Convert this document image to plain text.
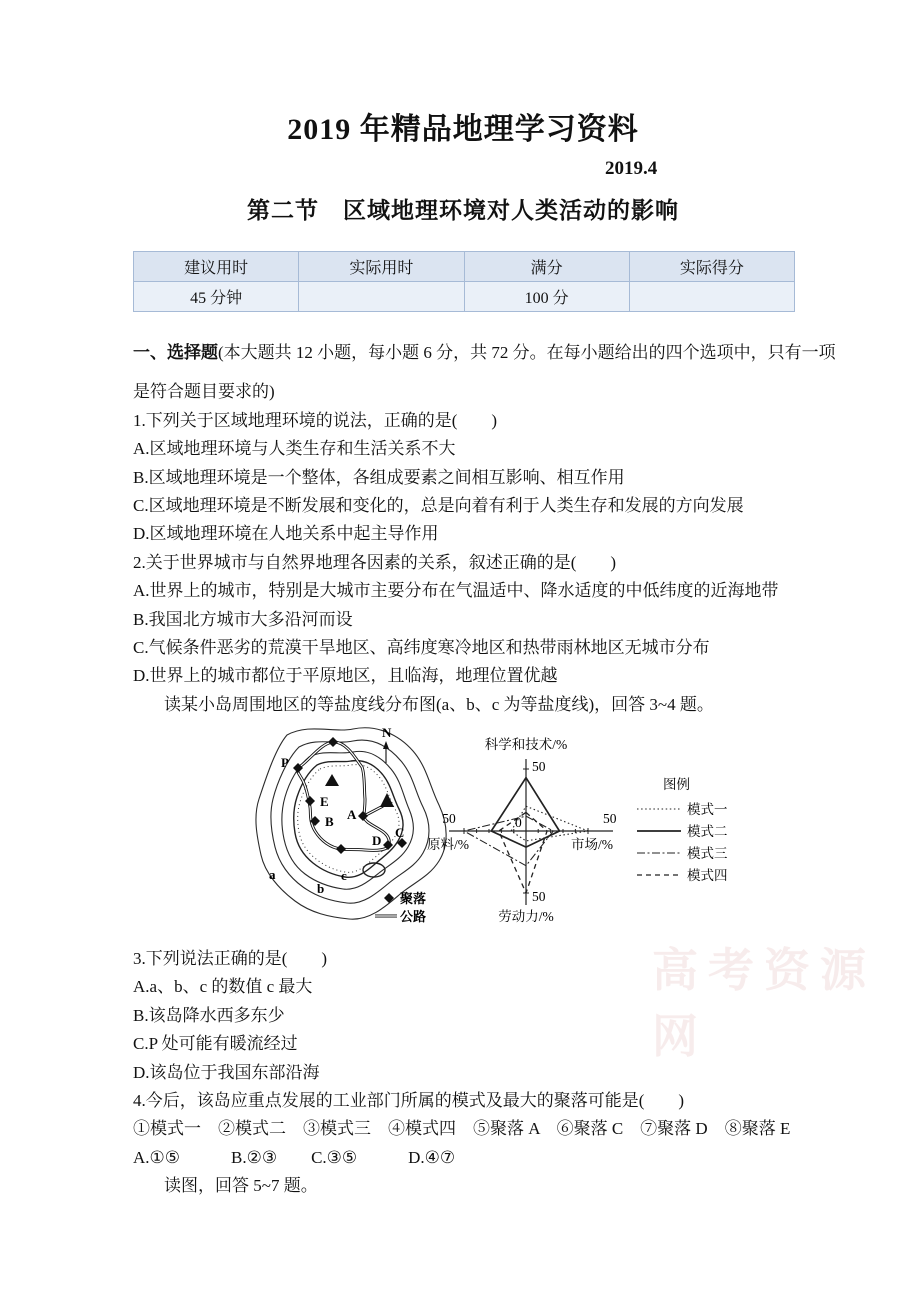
2019 年精品地理学习资料
2019.4
第二节　区域地理环境对人类活动的影响
建议用时	实际用时	满分	实际得分
45 分钟		100 分	
一、选择题(本大题共 12 小题，每小题 6 分，共 72 分。在每小题给出的四个选项中，只有一项
是符合题目要求的)
1.下列关于区域地理环境的说法，正确的是(　　)
A.区域地理环境与人类生存和生活关系不大
B.区域地理环境是一个整体，各组成要素之间相互影响、相互作用
C.区域地理环境是不断发展和变化的，总是向着有利于人类生存和发展的方向发展
D.区域地理环境在人地关系中起主导作用
2.关于世界城市与自然界地理各因素的关系，叙述正确的是(　　)
A.世界上的城市，特别是大城市主要分布在气温适中、降水适度的中低纬度的近海地带
B.我国北方城市大多沿河而设
C.气候条件恶劣的荒漠干旱地区、高纬度寒冷地区和热带雨林地区无城市分布
D.世界上的城市都位于平原地区，且临海，地理位置优越
读某小岛周围地区的等盐度线分布图(a、b、c 为等盐度线)，回答 3~4 题。
P
E
B A
D
C
a
b
c
N
聚落
公路
科学和技术/%
50
50
市场/%
50
劳动力/%
50
原料/%
0
图例
模式一
模式二
模式三
模式四
3.下列说法正确的是(　　)
A.a、b、c 的数值 c 最大
B.该岛降水西多东少
C.P 处可能有暖流经过
D.该岛位于我国东部沿海
4.今后，该岛应重点发展的工业部门所属的模式及最大的聚落可能是(　　)
①模式一　②模式二　③模式三　④模式四　⑤聚落 A　⑥聚落 C　⑦聚落 D　⑧聚落 E
A.①⑤　　　B.②③　　C.③⑤　　　D.④⑦
读图，回答 5~7 题。
高考资源网
